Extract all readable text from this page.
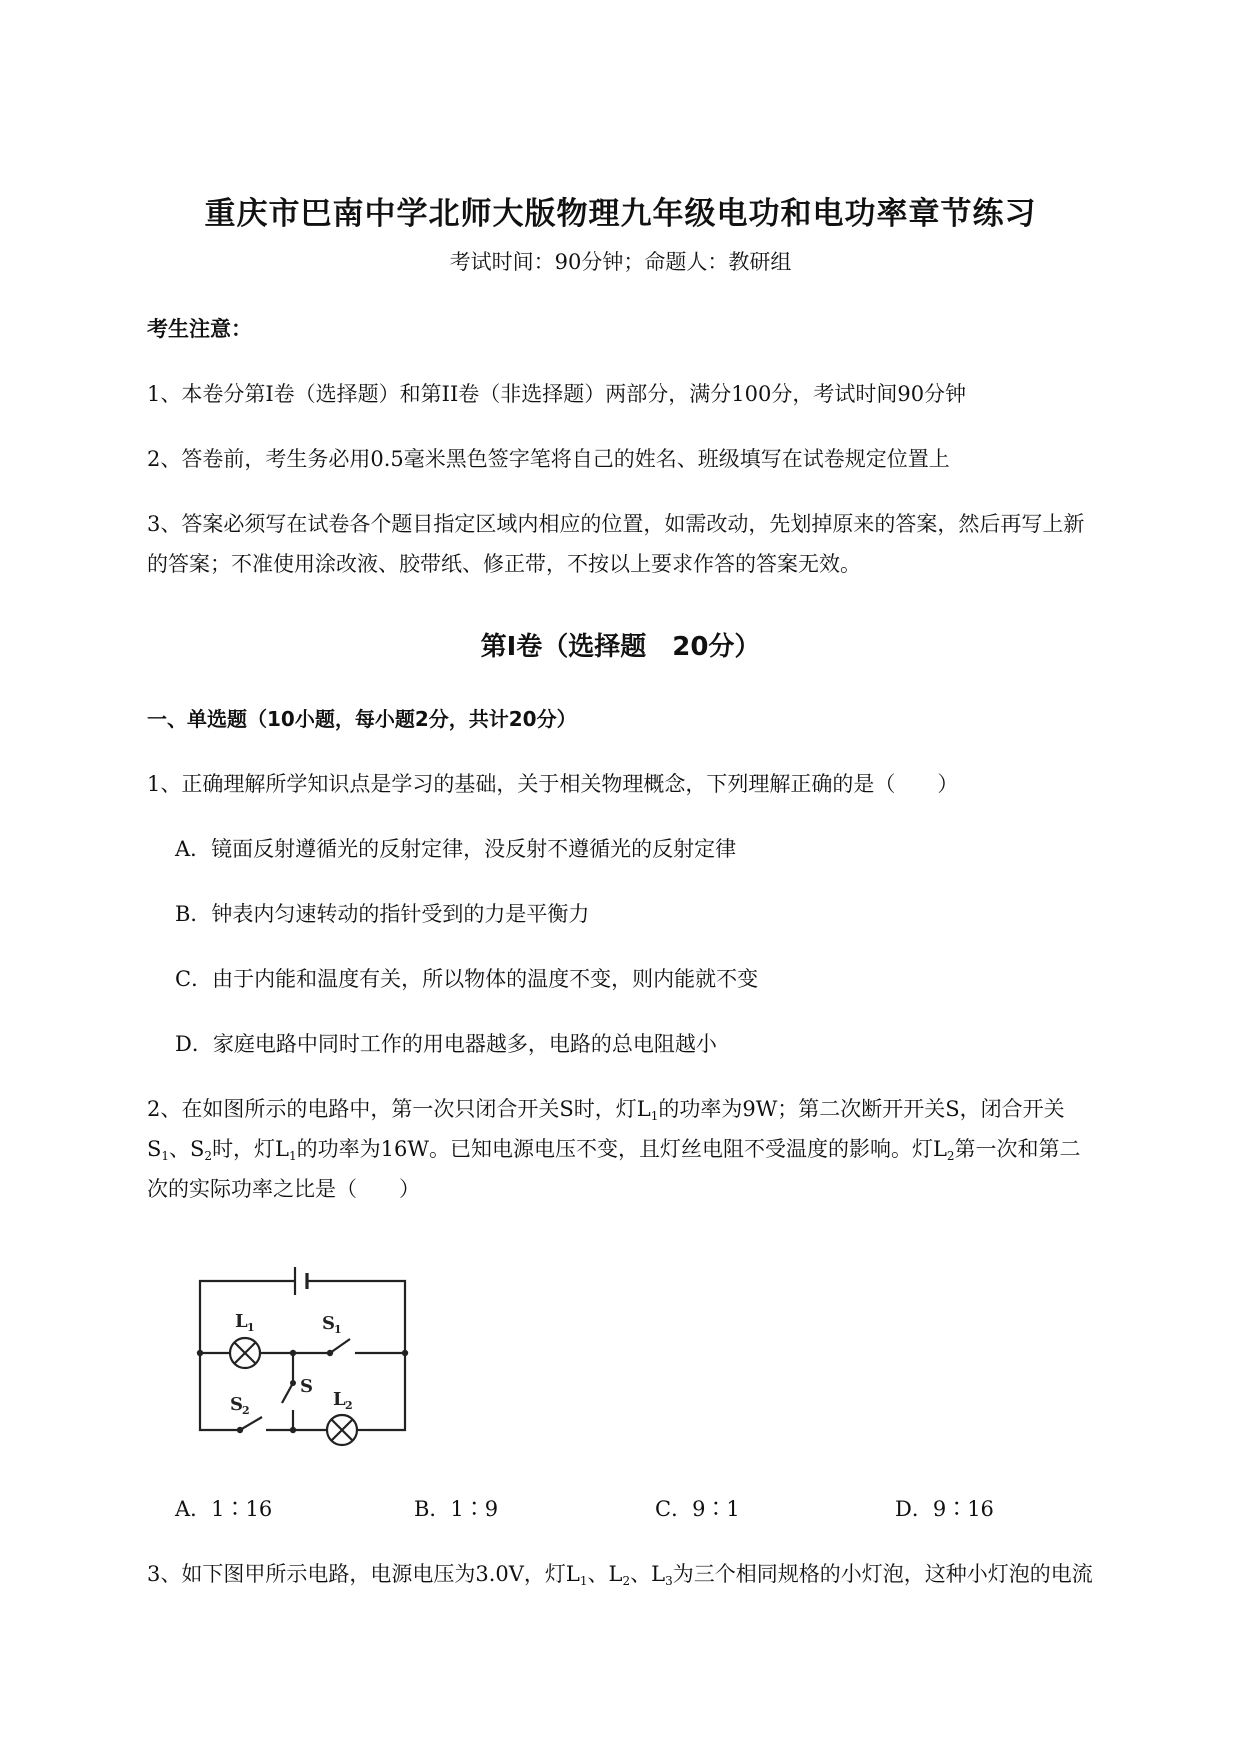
重庆市巴南中学北师大版物理九年级电功和电功率章节练习
考试时间：90分钟；命题人：教研组
考生注意：
1、本卷分第I卷（选择题）和第II卷（非选择题）两部分，满分100分，考试时间90分钟
2、答卷前，考生务必用0.5毫米黑色签字笔将自己的姓名、班级填写在试卷规定位置上
3、答案必须写在试卷各个题目指定区域内相应的位置，如需改动，先划掉原来的答案，然后再写上新
的答案；不准使用涂改液、胶带纸、修正带，不按以上要求作答的答案无效。
第I卷（选择题　20分）
一、单选题（10小题，每小题2分，共计20分）
1、正确理解所学知识点是学习的基础，关于相关物理概念，下列理解正确的是（　　）
A．镜面反射遵循光的反射定律，没反射不遵循光的反射定律
B．钟表内匀速转动的指针受到的力是平衡力
C．由于内能和温度有关，所以物体的温度不变，则内能就不变
D．家庭电路中同时工作的用电器越多，电路的总电阻越小
2、在如图所示的电路中，第一次只闭合开关S时，灯$L_1$的功率为9W；第二次断开开关S，闭合开关
$S_1$、$S_2$时，灯$L_1$的功率为16W。已知电源电压不变，且灯丝电阻不受温度的影响。灯$L_2$第一次和第二
次的实际功率之比是（　　）
L 1	S 1
S
S 2
L 2
A．1∶16	B．1∶9	C．9∶1	D．9∶16
3、如下图甲所示电路，电源电压为3.0V，灯$L_1$、$L_2$、$L_3$为三个相同规格的小灯泡，这种小灯泡的电流
